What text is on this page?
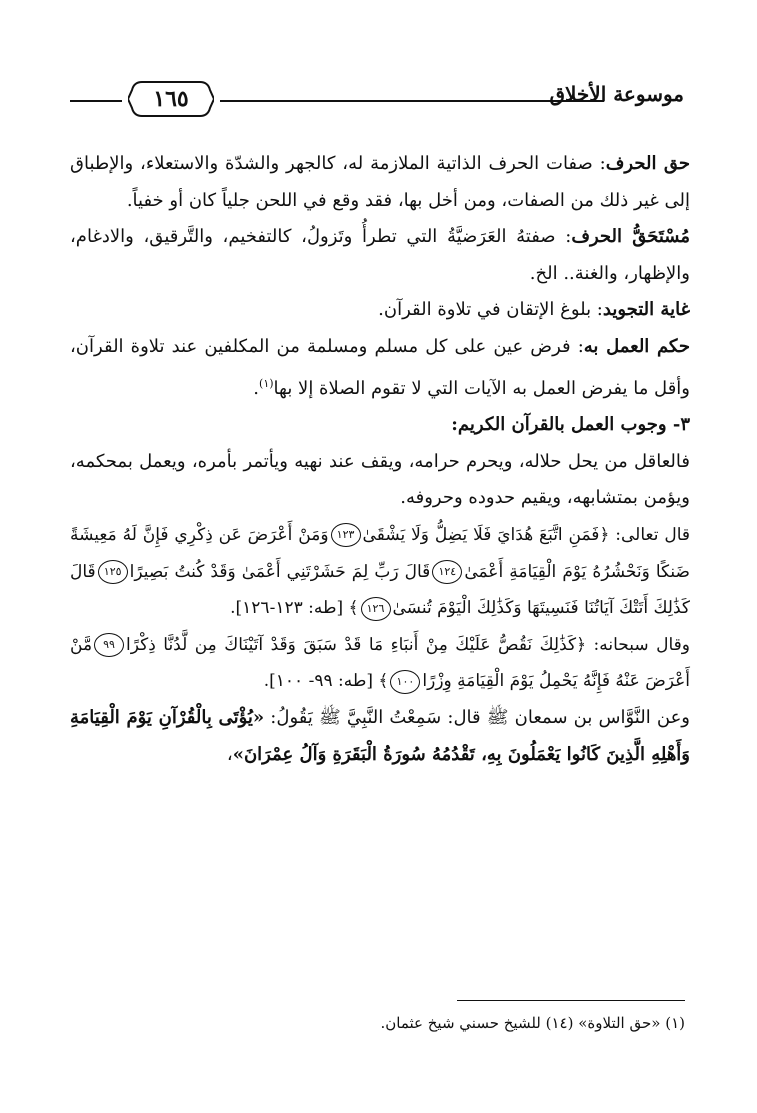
١٦٥	موسوعة الأخلاق

حق الحرف: صفات الحرف الذاتية الملازمة له، كالجهر والشدّة والاستعلاء، والإطباق إلى غير ذلك من الصفات، ومن أخل بها، فقد وقع في اللحن جلياً كان أو خفياً.

مُسْتَحَقُّ الحرف: صفتهُ العَرَضيَّةُ التي تطرأُ وتَزولُ، كالتفخيم، والتَّرقيق، والادغام، والإظهار، والغنة.. الخ.

غاية التجويد: بلوغ الإتقان في تلاوة القرآن.

حكم العمل به: فرض عين على كل مسلم ومسلمة من المكلفين عند تلاوة القرآن، وأقل ما يفرض العمل به الآيات التي لا تقوم الصلاة إلا بها$^{(١)}$.

٣- وجوب العمل بالقرآن الكريم:

فالعاقل من يحل حلاله، ويحرم حرامه، ويقف عند نهيه ويأتمر بأمره، ويعمل بمحكمه، ويؤمن بمتشابهه، ويقيم حدوده وحروفه.

قال تعالى: ﴿فَمَنِ اتَّبَعَ هُدَايَ فَلَا يَضِلُّ وَلَا يَشْقَىٰ١٢٣وَمَنْ أَعْرَضَ عَن ذِكْرِي فَإِنَّ لَهُ مَعِيشَةً ضَنكًا وَنَحْشُرُهُ يَوْمَ الْقِيَامَةِ أَعْمَىٰ١٢٤قَالَ رَبِّ لِمَ حَشَرْتَنِي أَعْمَىٰ وَقَدْ كُنتُ بَصِيرًا١٢٥قَالَ كَذَٰلِكَ أَتَتْكَ آيَاتُنَا فَنَسِيتَهَا وَكَذَٰلِكَ الْيَوْمَ تُنسَىٰ١٢٦﴾ [طه: ١٢٣-١٢٦].

وقال سبحانه: ﴿كَذَٰلِكَ نَقُصُّ عَلَيْكَ مِنْ أَنبَاءِ مَا قَدْ سَبَقَ وَقَدْ آتَيْنَاكَ مِن لَّدُنَّا ذِكْرًا٩٩مَّنْ أَعْرَضَ عَنْهُ فَإِنَّهُ يَحْمِلُ يَوْمَ الْقِيَامَةِ وِزْرًا١٠٠﴾ [طه: ٩٩- ١٠٠].

وعن النَّوَّاس بن سمعان ﷺ قال: سَمِعْتُ النَّبِيَّ ﷺ يَقُولُ: «يُؤْتَى بِالْقُرْآنِ يَوْمَ الْقِيَامَةِ وَأَهْلِهِ الَّذِينَ كَانُوا يَعْمَلُونَ بِهِ، تَقْدُمُهُ سُورَةُ الْبَقَرَةِ وَآلُ عِمْرَانَ»،

(١) «حق التلاوة» (١٤) للشيخ حسني شيخ عثمان.
